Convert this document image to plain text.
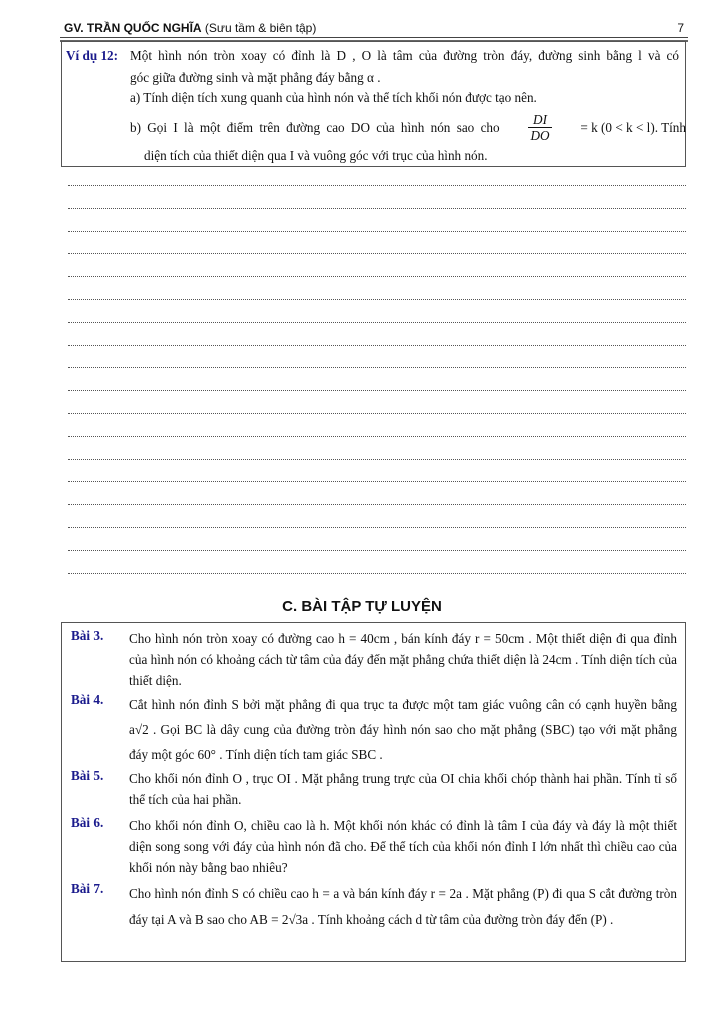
GV. TRẦN QUỐC NGHĨA (Sưu tầm & biên tập)	7
Ví dụ 12: Một hình nón tròn xoay có đỉnh là D , O là tâm của đường tròn đáy, đường sinh bằng l và có
góc giữa đường sinh và mặt phẳng đáy bằng α .
a) Tính diện tích xung quanh của hình nón và thể tích khối nón được tạo nên.
b) Gọi I là một điểm trên đường cao DO của hình nón sao cho $\frac{DI}{DO} = k$ (0 < k < l). Tính
diện tích của thiết diện qua I và vuông góc với trục của hình nón.
C. BÀI TẬP TỰ LUYỆN
Bài 3. Cho hình nón tròn xoay có đường cao h = 40cm , bán kính đáy r = 50cm . Một thiết diện đi qua đỉnh của hình nón có khoảng cách từ tâm của đáy đến mặt phẳng chứa thiết diện là 24cm . Tính diện tích của thiết diện.
Bài 4. Cắt hình nón đỉnh S bởi mặt phẳng đi qua trục ta được một tam giác vuông cân có cạnh huyền bằng a√2 . Gọi BC là dây cung của đường tròn đáy hình nón sao cho mặt phẳng (SBC) tạo với mặt phẳng đáy một góc 60° . Tính diện tích tam giác SBC .
Bài 5. Cho khối nón đỉnh O , trục OI . Mặt phẳng trung trực của OI chia khối chóp thành hai phần. Tính tỉ số thể tích của hai phần.
Bài 6. Cho khối nón đỉnh O, chiều cao là h. Một khối nón khác có đỉnh là tâm I của đáy và đáy là một thiết diện song song với đáy của hình nón đã cho. Để thể tích của khối nón đỉnh I lớn nhất thì chiều cao của khối nón này bằng bao nhiêu?
Bài 7. Cho hình nón đỉnh S có chiều cao h = a và bán kính đáy r = 2a . Mặt phẳng (P) đi qua S cắt đường tròn đáy tại A và B sao cho AB = 2√3a . Tính khoảng cách d từ tâm của đường tròn đáy đến (P) .
